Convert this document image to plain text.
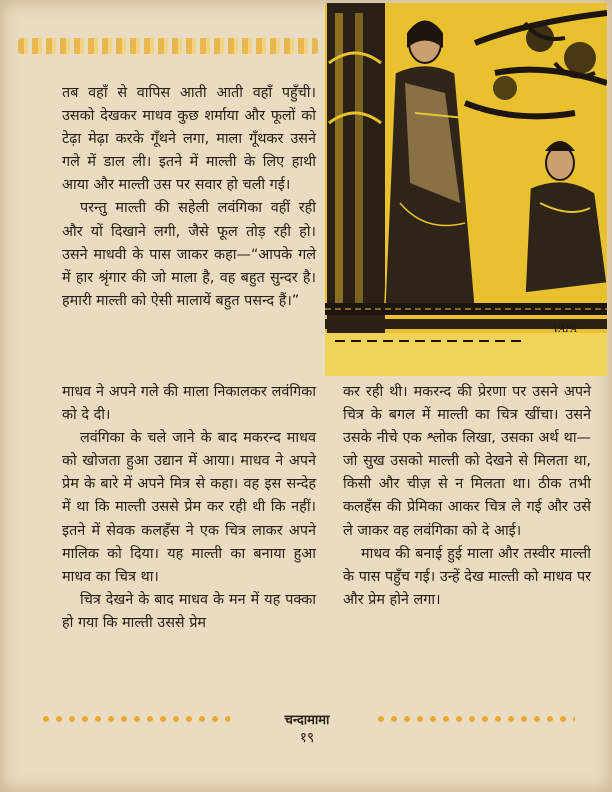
VAPA

तब वहाँ से वापिस आती आती वहाँ पहुँची। उसको देखकर माधव कुछ शर्माया और फूलों को टेढ़ा मेढ़ा करके गूँथने लगा, माला गूँथकर उसने गले में डाल ली। इतने में माल्ती के लिए हाथी आया और माल्ती उस पर सवार हो चली गई।

परन्तु माल्ती की सहेली लवंगिका वहीं रही और यों दिखाने लगी, जैसे फूल तोड़ रही हो। उसने माधवी के पास जाकर कहा—“आपके गले में हार श्रृंगार की जो माला है, वह बहुत सुन्दर है। हमारी माल्ती को ऐसी मालायें बहुत पसन्द हैं।”

माधव ने अपने गले की माला निकालकर लवंगिका को दे दी।

लवंगिका के चले जाने के बाद मकरन्द माधव को खोजता हुआ उद्यान में आया। माधव ने अपने प्रेम के बारे में अपने मित्र से कहा। वह इस सन्देह में था कि माल्ती उससे प्रेम कर रही थी कि नहीं। इतने में सेवक कलहँस ने एक चित्र लाकर अपने मालिक को दिया। यह माल्ती का बनाया हुआ माधव का चित्र था।

चित्र देखने के बाद माधव के मन में यह पक्का हो गया कि माल्ती उससे प्रेम

कर रही थी। मकरन्द की प्रेरणा पर उसने अपने चित्र के बगल में माल्ती का चित्र खींचा। उसने उसके नीचे एक श्लोक लिखा, उसका अर्थ था—जो सुख उसको माल्ती को देखने से मिलता था, किसी और चीज़ से न मिलता था। ठीक तभी कलहँस की प्रेमिका आकर चित्र ले गई और उसे ले जाकर वह लवंगिका को दे आई।

माधव की बनाई हुई माला और तस्वीर माल्ती के पास पहुँच गई। उन्हें देख माल्ती को माधव पर और प्रेम होने लगा।

चन्दामामा
१९
